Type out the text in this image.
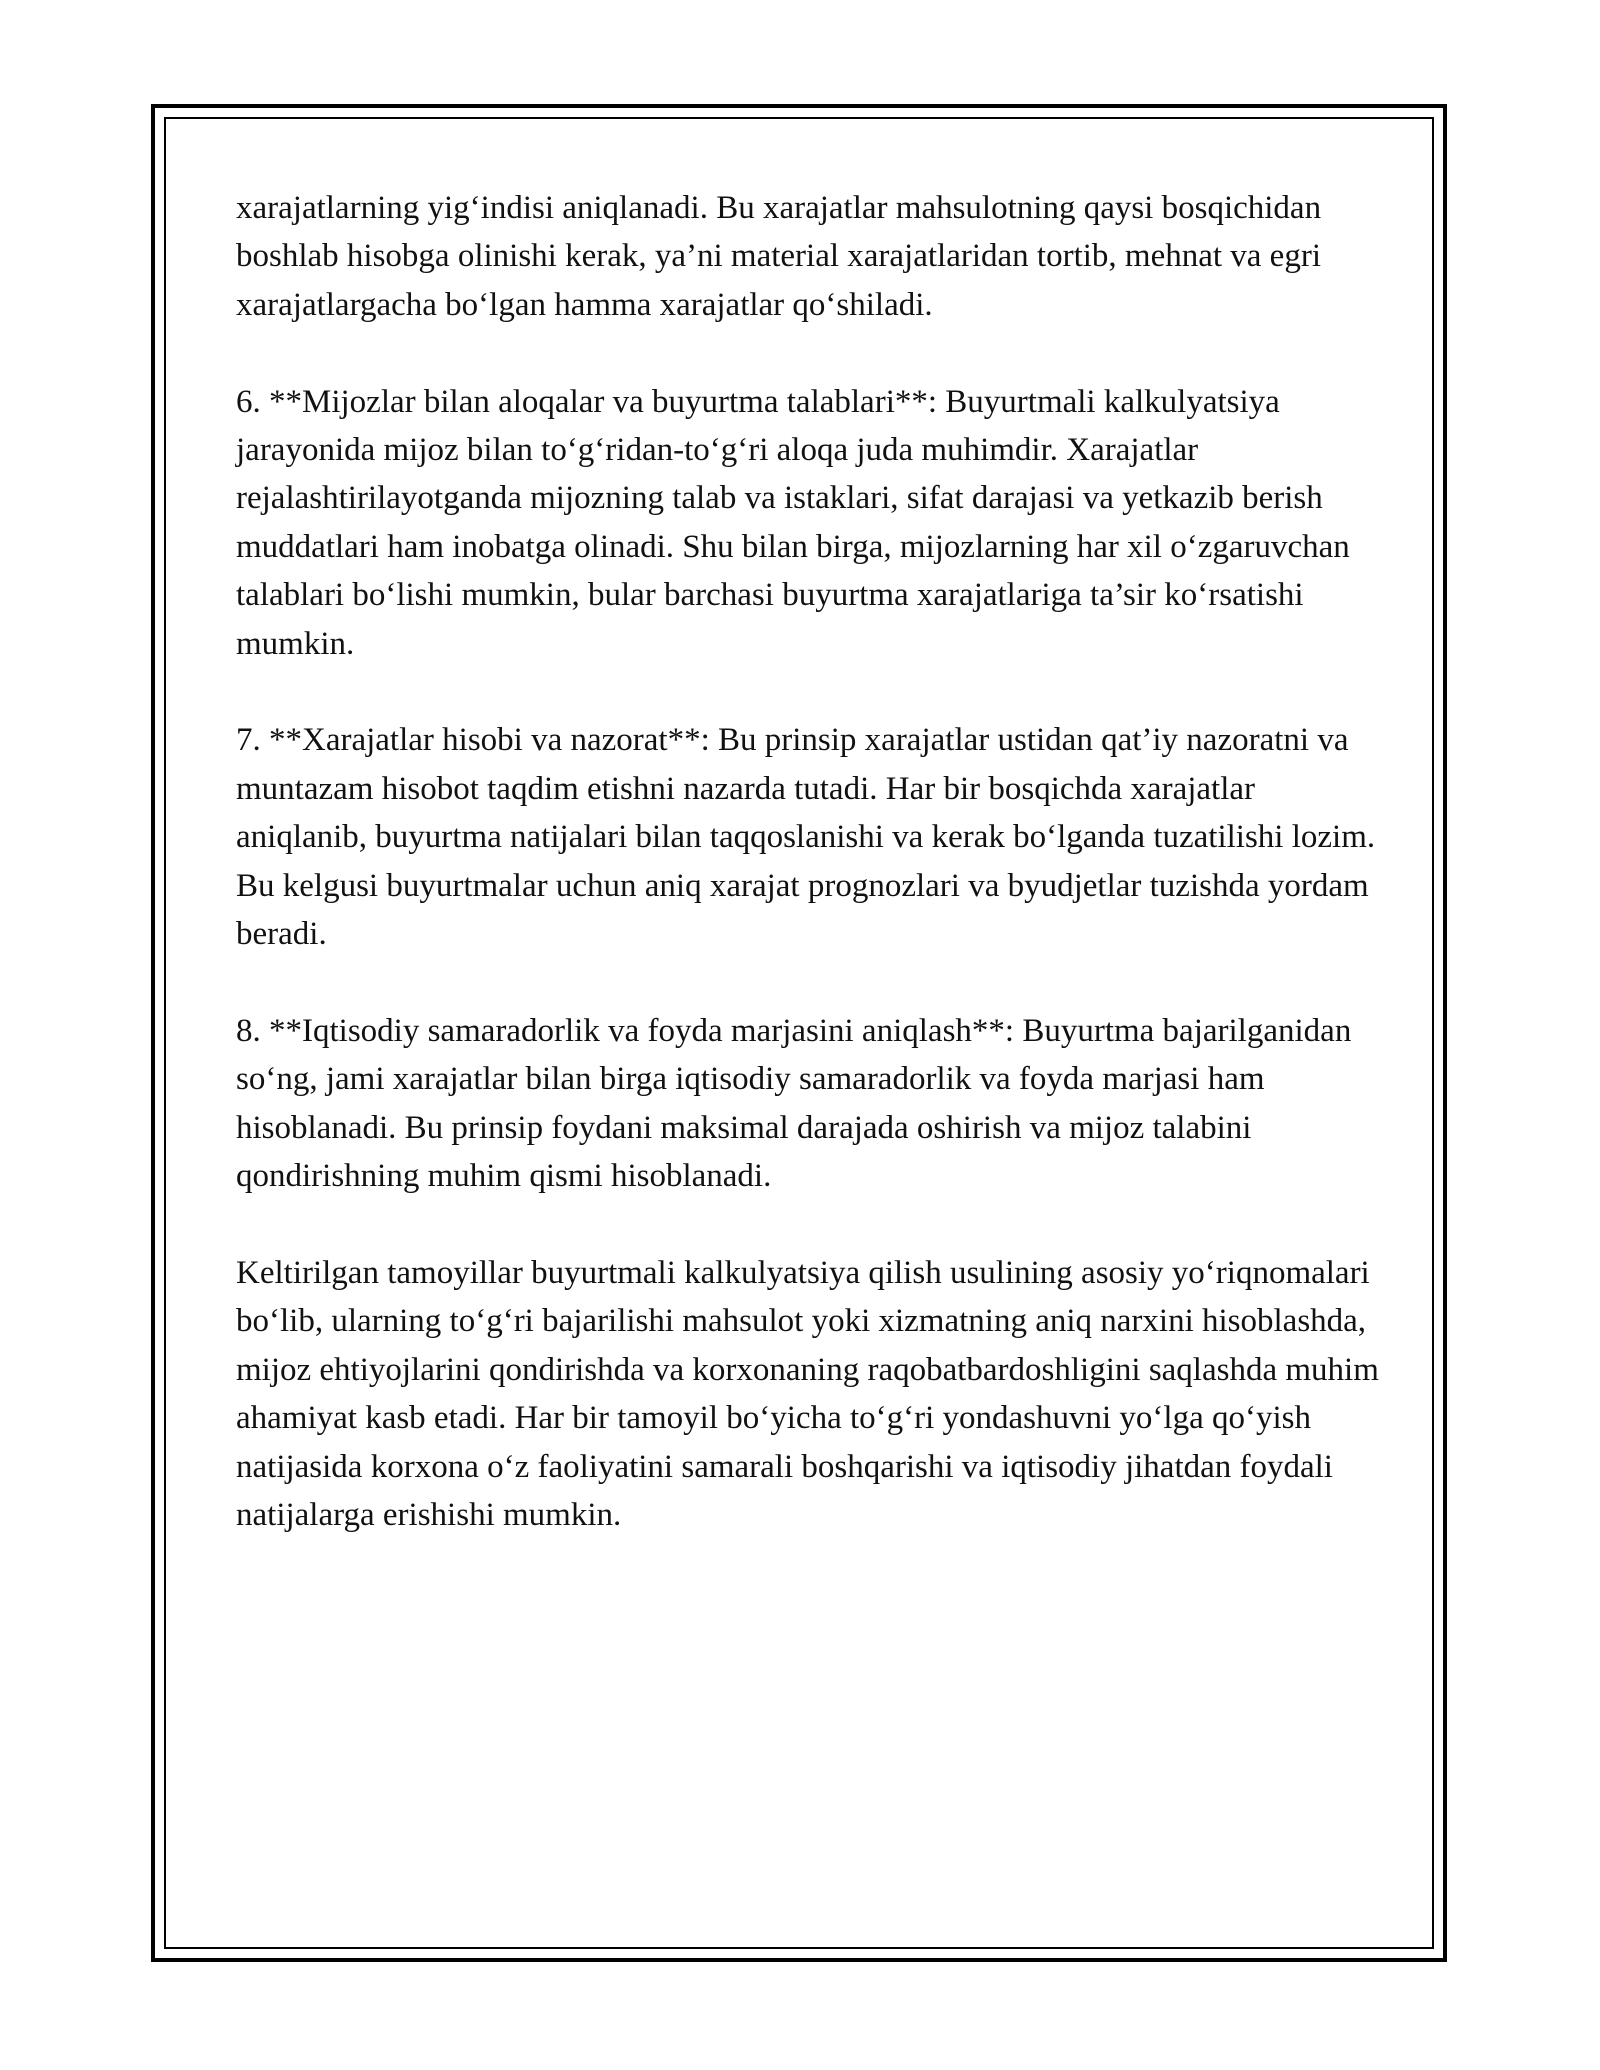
xarajatlarning yig‘indisi aniqlanadi. Bu xarajatlar mahsulotning qaysi bosqichidan boshlab hisobga olinishi kerak, ya’ni material xarajatlaridan tortib, mehnat va egri xarajatlargacha bo‘lgan hamma xarajatlar qo‘shiladi.

6. **Mijozlar bilan aloqalar va buyurtma talablari**: Buyurtmali kalkulyatsiya jarayonida mijoz bilan to‘g‘ridan-to‘g‘ri aloqa juda muhimdir. Xarajatlar rejalashtirilayotganda mijozning talab va istaklari, sifat darajasi va yetkazib berish muddatlari ham inobatga olinadi. Shu bilan birga, mijozlarning har xil o‘zgaruvchan talablari bo‘lishi mumkin, bular barchasi buyurtma xarajatlariga ta’sir ko‘rsatishi mumkin.

7. **Xarajatlar hisobi va nazorat**: Bu prinsip xarajatlar ustidan qat’iy nazoratni va muntazam hisobot taqdim etishni nazarda tutadi. Har bir bosqichda xarajatlar aniqlanib, buyurtma natijalari bilan taqqoslanishi va kerak bo‘lganda tuzatilishi lozim. Bu kelgusi buyurtmalar uchun aniq xarajat prognozlari va byudjetlar tuzishda yordam beradi.

8. **Iqtisodiy samaradorlik va foyda marjasini aniqlash**: Buyurtma bajarilganidan so‘ng, jami xarajatlar bilan birga iqtisodiy samaradorlik va foyda marjasi ham hisoblanadi. Bu prinsip foydani maksimal darajada oshirish va mijoz talabini qondirishning muhim qismi hisoblanadi.

Keltirilgan tamoyillar buyurtmali kalkulyatsiya qilish usulining asosiy yo‘riqnomalari bo‘lib, ularning to‘g‘ri bajarilishi mahsulot yoki xizmatning aniq narxini hisoblashda, mijoz ehtiyojlarini qondirishda va korxonaning raqobatbardoshligini saqlashda muhim ahamiyat kasb etadi. Har bir tamoyil bo‘yicha to‘g‘ri yondashuvni yo‘lga qo‘yish natijasida korxona o‘z faoliyatini samarali boshqarishi va iqtisodiy jihatdan foydali natijalarga erishishi mumkin.
